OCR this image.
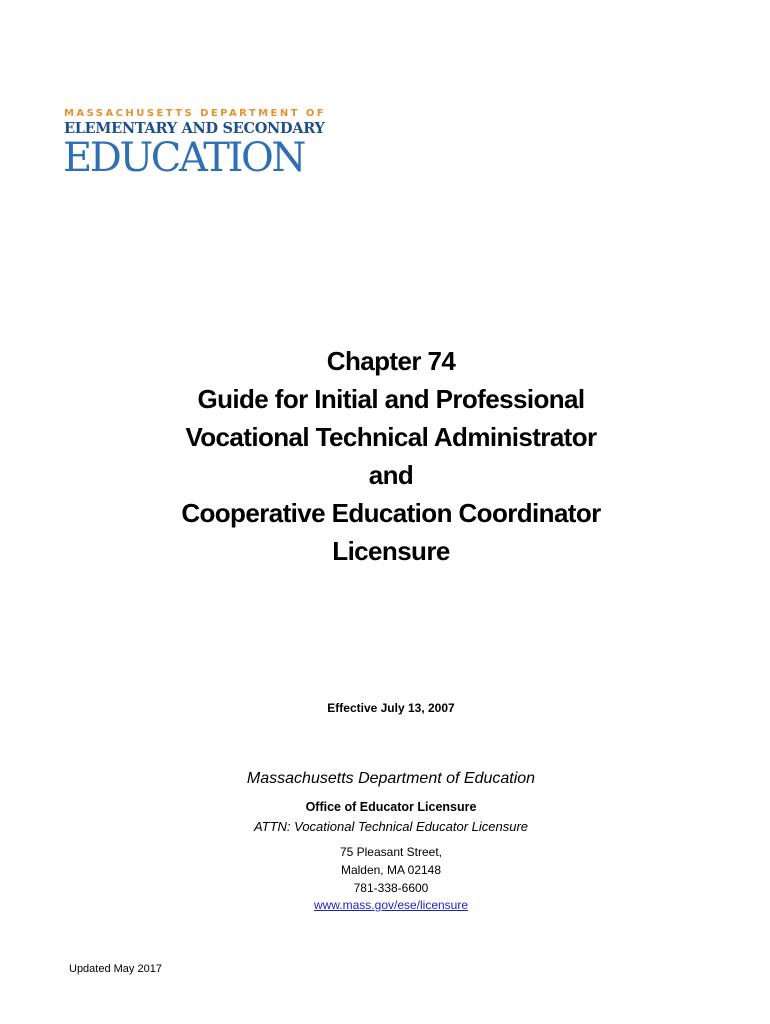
MASSACHUSETTS DEPARTMENT OF
ELEMENTARY AND SECONDARY
EDUCATION
Chapter 74
Guide for Initial and Professional
Vocational Technical Administrator
and
Cooperative Education Coordinator
Licensure
Effective July 13, 2007
Massachusetts Department of Education
Office of Educator Licensure
ATTN: Vocational Technical Educator Licensure
75 Pleasant Street,
Malden, MA 02148
781-338-6600
www.mass.gov/ese/licensure
Updated May 2017
